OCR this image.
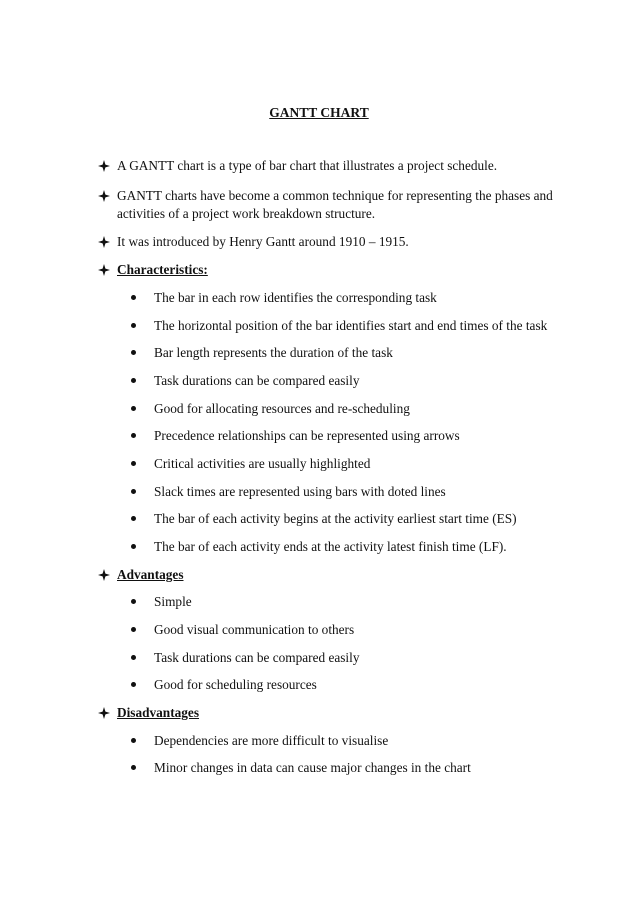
GANTT CHART
A GANTT chart is a type of bar chart that illustrates a project schedule.
GANTT charts have become a common technique for representing the phases and
activities of a project work breakdown structure.
It was introduced by Henry Gantt around 1910 – 1915.
Characteristics:
The bar in each row identifies the corresponding task
The horizontal position of the bar identifies start and end times of the task
Bar length represents the duration of the task
Task durations can be compared easily
Good for allocating resources and re-scheduling
Precedence relationships can be represented using arrows
Critical activities are usually highlighted
Slack times are represented using bars with doted lines
The bar of each activity begins at the activity earliest start time (ES)
The bar of each activity ends at the activity latest finish time (LF).
Advantages
Simple
Good visual communication to others
Task durations can be compared easily
Good for scheduling resources
Disadvantages
Dependencies are more difficult to visualise
Minor changes in data can cause major changes in the chart
